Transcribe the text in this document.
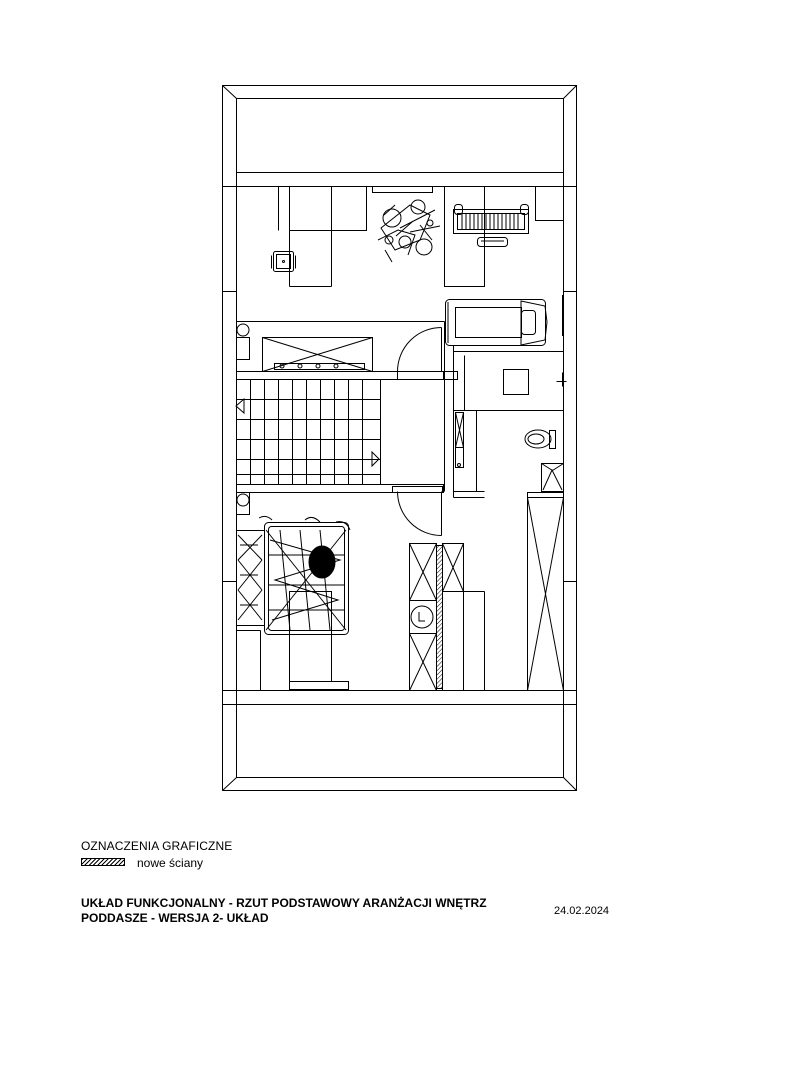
OZNACZENIA GRAFICZNE
nowe ściany
UKŁAD FUNKCJONALNY - RZUT PODSTAWOWY ARANŻACJI WNĘTRZ
PODDASZE - WERSJA 2- UKŁAD	24.02.2024
